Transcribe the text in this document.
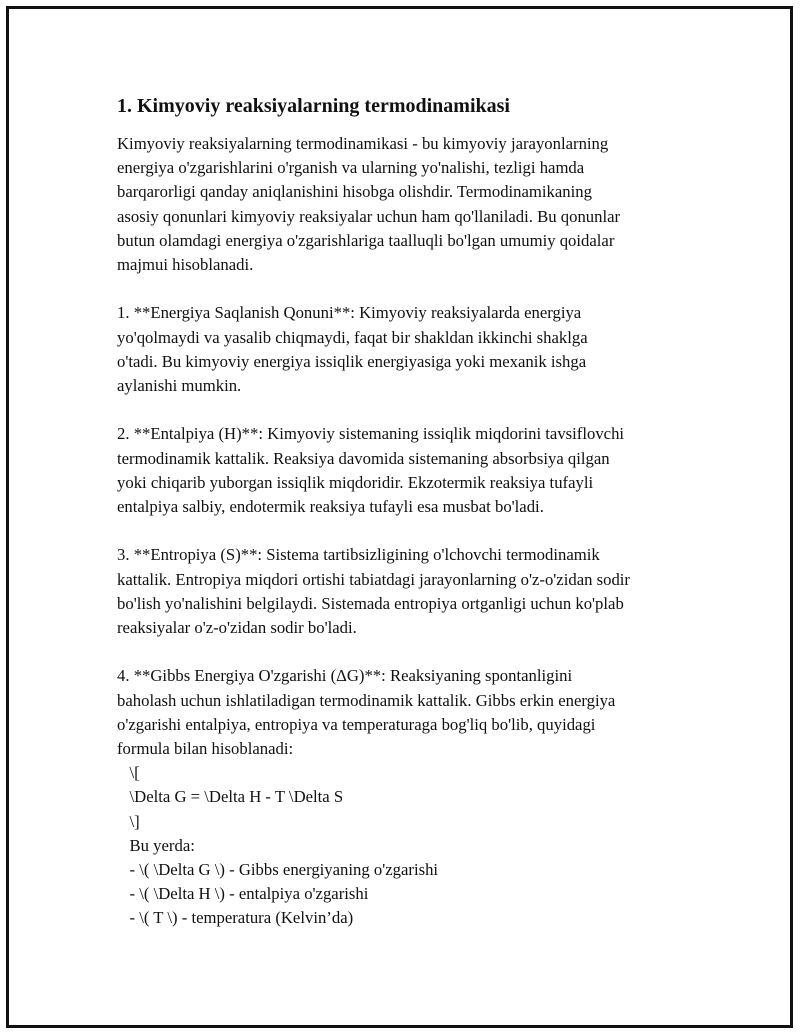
1. Kimyoviy reaksiyalarning termodinamikasi

Kimyoviy reaksiyalarning termodinamikasi - bu kimyoviy jarayonlarning
energiya o'zgarishlarini o'rganish va ularning yo'nalishi, tezligi hamda
barqarorligi qanday aniqlanishini hisobga olishdir. Termodinamikaning
asosiy qonunlari kimyoviy reaksiyalar uchun ham qo'llaniladi. Bu qonunlar
butun olamdagi energiya o'zgarishlariga taalluqli bo'lgan umumiy qoidalar
majmui hisoblanadi.

1. **Energiya Saqlanish Qonuni**: Kimyoviy reaksiyalarda energiya
yo'qolmaydi va yasalib chiqmaydi, faqat bir shakldan ikkinchi shaklga
o'tadi. Bu kimyoviy energiya issiqlik energiyasiga yoki mexanik ishga
aylanishi mumkin.

2. **Entalpiya (H)**: Kimyoviy sistemaning issiqlik miqdorini tavsiflovchi
termodinamik kattalik. Reaksiya davomida sistemaning absorbsiya qilgan
yoki chiqarib yuborgan issiqlik miqdoridir. Ekzotermik reaksiya tufayli
entalpiya salbiy, endotermik reaksiya tufayli esa musbat bo'ladi.

3. **Entropiya (S)**: Sistema tartibsizligining o'lchovchi termodinamik
kattalik. Entropiya miqdori ortishi tabiatdagi jarayonlarning o'z-o'zidan sodir
bo'lish yo'nalishini belgilaydi. Sistemada entropiya ortganligi uchun ko'plab
reaksiyalar o'z-o'zidan sodir bo'ladi.

4. **Gibbs Energiya O'zgarishi (ΔG)**: Reaksiyaning spontanligini
baholash uchun ishlatiladigan termodinamik kattalik. Gibbs erkin energiya
o'zgarishi entalpiya, entropiya va temperaturaga bog'liq bo'lib, quyidagi
formula bilan hisoblanadi:

\[
\Delta G = \Delta H - T \Delta S
\]
Bu yerda:
- \( \Delta G \) - Gibbs energiyaning o'zgarishi
- \( \Delta H \) - entalpiya o'zgarishi
- \( T \) - temperatura (Kelvin’da)
